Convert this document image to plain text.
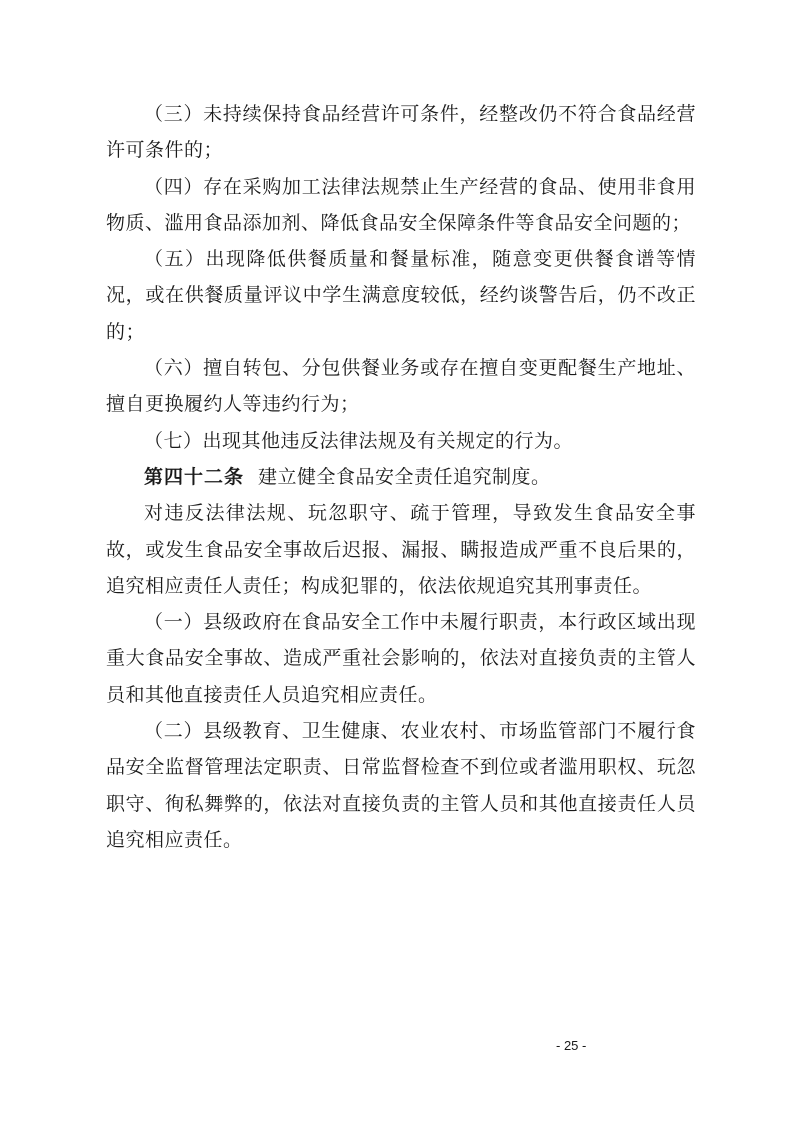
（三）未持续保持食品经营许可条件，经整改仍不符合食品经营许可条件的；

（四）存在采购加工法律法规禁止生产经营的食品、使用非食用物质、滥用食品添加剂、降低食品安全保障条件等食品安全问题的；

（五）出现降低供餐质量和餐量标准，随意变更供餐食谱等情况，或在供餐质量评议中学生满意度较低，经约谈警告后，仍不改正的；

（六）擅自转包、分包供餐业务或存在擅自变更配餐生产地址、擅自更换履约人等违约行为；

（七）出现其他违反法律法规及有关规定的行为。

第四十二条 建立健全食品安全责任追究制度。

对违反法律法规、玩忽职守、疏于管理，导致发生食品安全事故，或发生食品安全事故后迟报、漏报、瞒报造成严重不良后果的，追究相应责任人责任；构成犯罪的，依法依规追究其刑事责任。

（一）县级政府在食品安全工作中未履行职责，本行政区域出现重大食品安全事故、造成严重社会影响的，依法对直接负责的主管人员和其他直接责任人员追究相应责任。

（二）县级教育、卫生健康、农业农村、市场监管部门不履行食品安全监督管理法定职责、日常监督检查不到位或者滥用职权、玩忽职守、徇私舞弊的，依法对直接负责的主管人员和其他直接责任人员追究相应责任。

- 25 -
